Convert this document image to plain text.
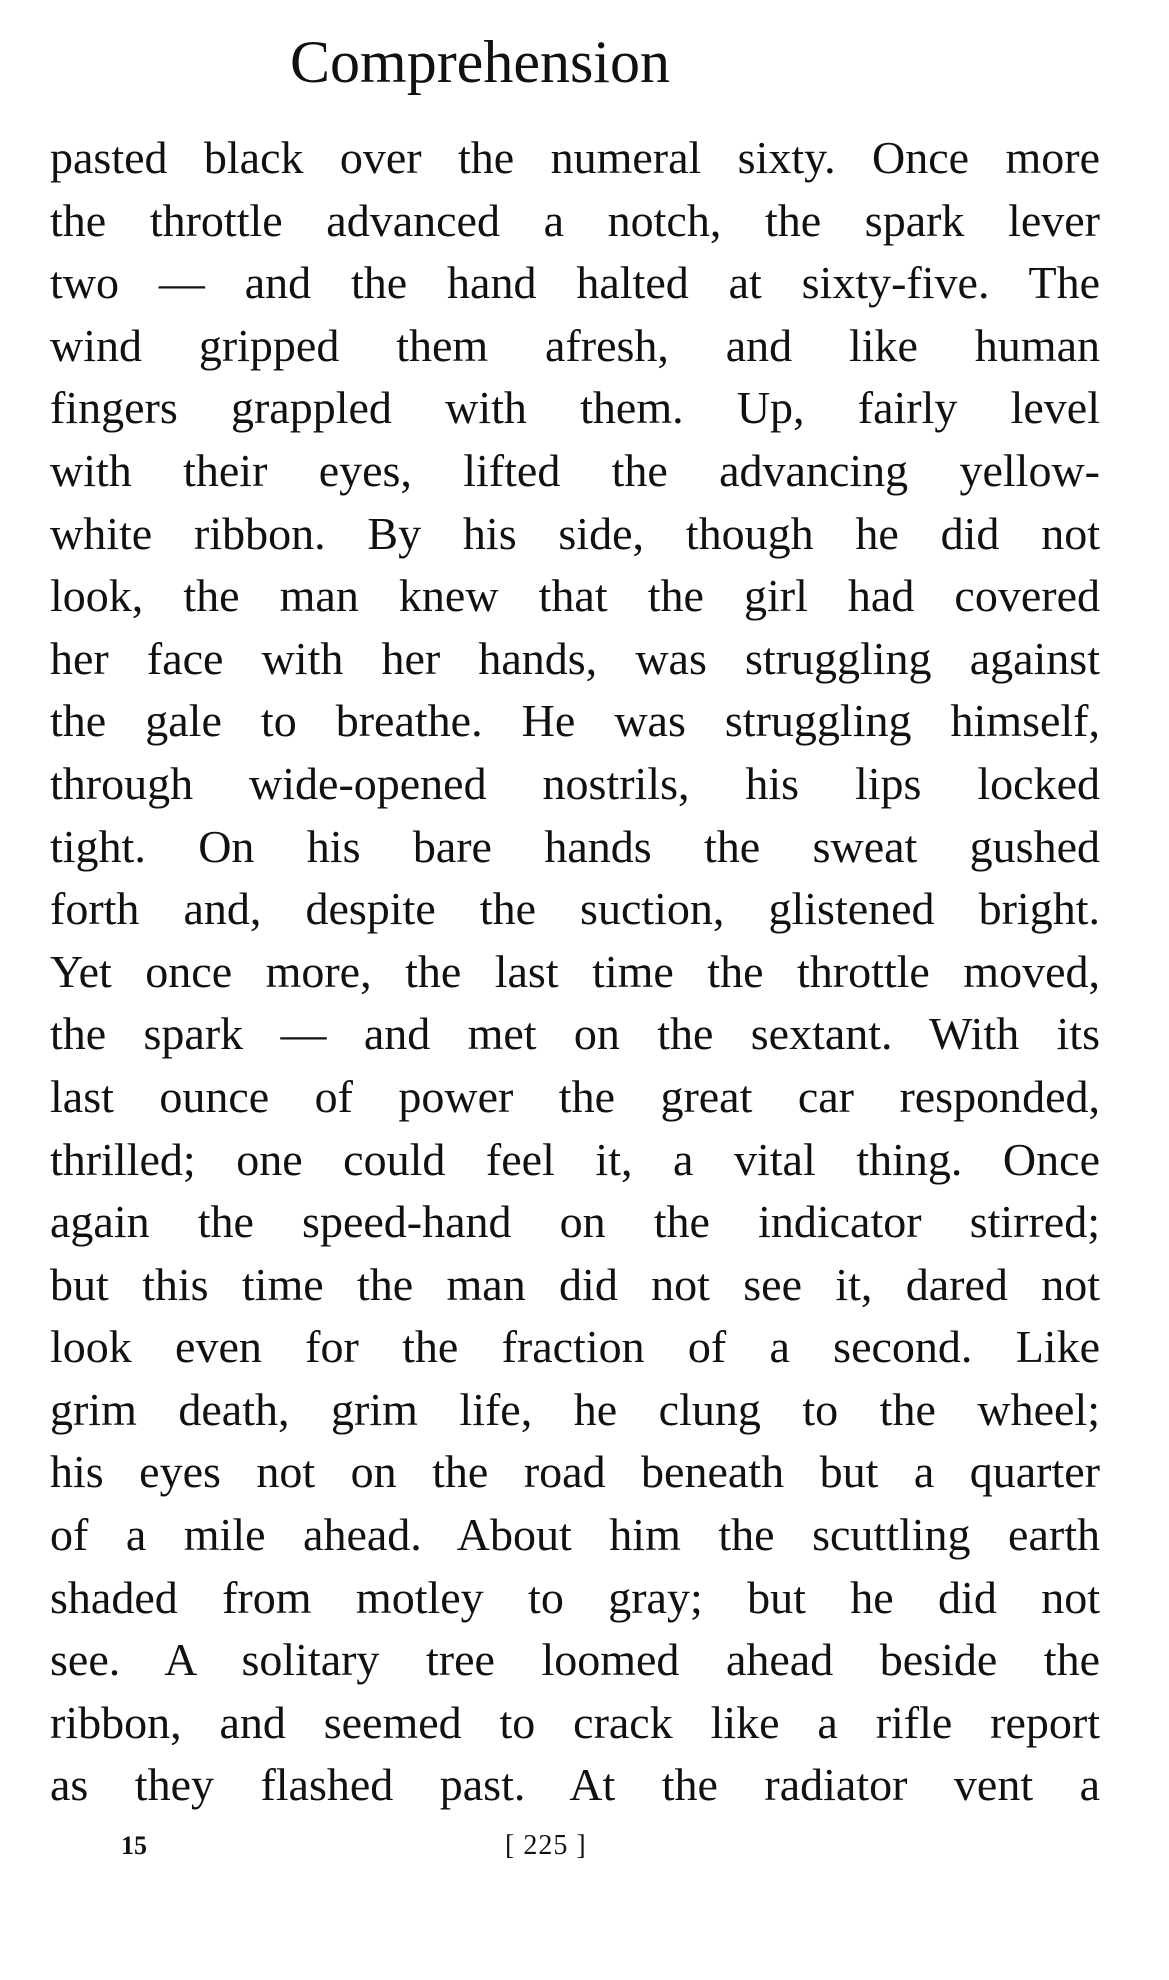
Comprehension
pasted black over the numeral sixty. Once more
the throttle advanced a notch, the spark lever
two — and the hand halted at sixty-five. The
wind gripped them afresh, and like human
fingers grappled with them. Up, fairly level
with their eyes, lifted the advancing yellow-
white ribbon. By his side, though he did not
look, the man knew that the girl had covered
her face with her hands, was struggling against
the gale to breathe. He was struggling himself,
through wide-opened nostrils, his lips locked
tight. On his bare hands the sweat gushed
forth and, despite the suction, glistened bright.
Yet once more, the last time the throttle moved,
the spark — and met on the sextant. With its
last ounce of power the great car responded,
thrilled; one could feel it, a vital thing. Once
again the speed-hand on the indicator stirred;
but this time the man did not see it, dared not
look even for the fraction of a second. Like
grim death, grim life, he clung to the wheel;
his eyes not on the road beneath but a quarter
of a mile ahead. About him the scuttling earth
shaded from motley to gray; but he did not
see. A solitary tree loomed ahead beside the
ribbon, and seemed to crack like a rifle report
as they flashed past. At the radiator vent a
15	[ 225 ]
